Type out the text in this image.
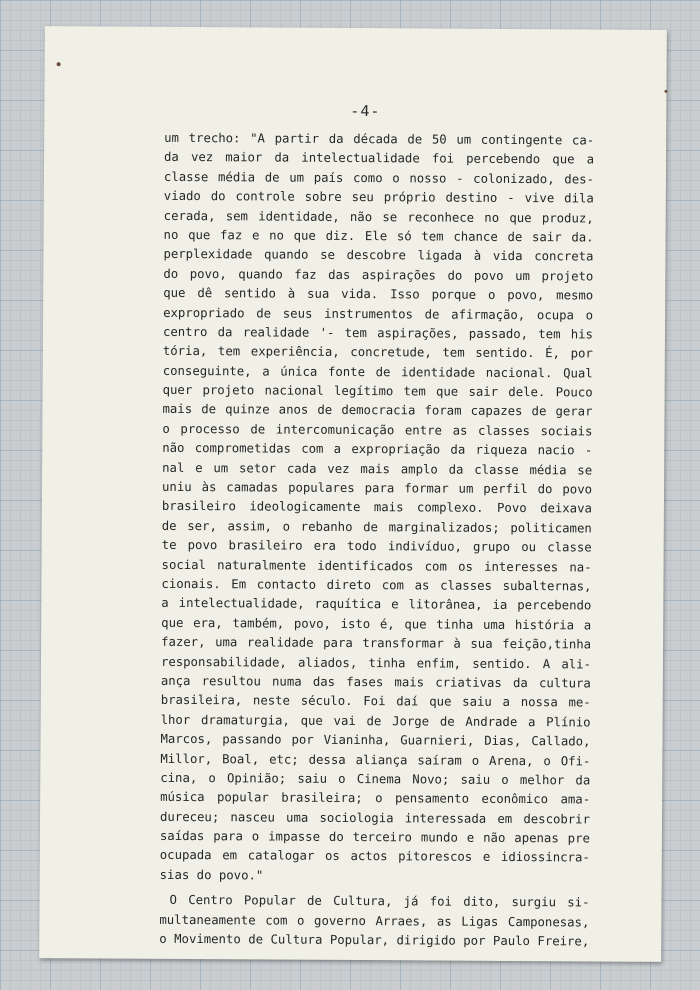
-4-
um trecho: "A partir da década de 50 um contingente ca-
da vez maior da intelectualidade foi percebendo que a
classe média de um país como o nosso - colonizado, des-
viado do controle sobre seu próprio destino - vive dila
cerada, sem identidade, não se reconhece no que produz,
no que faz e no que diz. Ele só tem chance de sair da.
perplexidade quando se descobre ligada à vida concreta
do povo, quando faz das aspirações do povo um projeto
que dê sentido à sua vida. Isso porque o povo, mesmo
expropriado de seus instrumentos de afirmação, ocupa o
centro da realidade '- tem aspirações, passado, tem his
tória, tem experiência, concretude, tem sentido. É, por
conseguinte, a única fonte de identidade nacional. Qual
quer projeto nacional legítimo tem que sair dele. Pouco
mais de quinze anos de democracia foram capazes de gerar
o processo de intercomunicação entre as classes sociais
não comprometidas com a expropriação da riqueza nacio -
nal e um setor cada vez mais amplo da classe média se
uniu às camadas populares para formar um perfil do povo
brasileiro ideologicamente mais complexo. Povo deixava
de ser, assim, o rebanho de marginalizados; politicamen
te povo brasileiro era todo indivíduo, grupo ou classe
social naturalmente identificados com os interesses na-
cionais. Em contacto direto com as classes subalternas,
a intelectualidade, raquítica e litorânea, ia percebendo
que era, também, povo, isto é, que tinha uma história a
fazer, uma realidade para transformar à sua feição,tinha
responsabilidade, aliados, tinha enfim, sentido. A ali-
ança resultou numa das fases mais criativas da cultura
brasileira, neste século. Foi daí que saiu a nossa me-
lhor dramaturgia, que vai de Jorge de Andrade a Plínio
Marcos, passando por Vianinha, Guarnieri, Dias, Callado,
Millor, Boal, etc; dessa aliança saíram o Arena, o Ofi-
cina, o Opinião; saiu o Cinema Novo; saiu o melhor da
música popular brasileira; o pensamento econômico ama-
dureceu; nasceu uma sociologia interessada em descobrir
saídas para o impasse do terceiro mundo e não apenas pre
ocupada em catalogar os actos pitorescos e idiossincra-
sias do povo."
O Centro Popular de Cultura, já foi dito, surgiu si-
multaneamente com o governo Arraes, as Ligas Camponesas,
o Movimento de Cultura Popular, dirigido por Paulo Freire,
